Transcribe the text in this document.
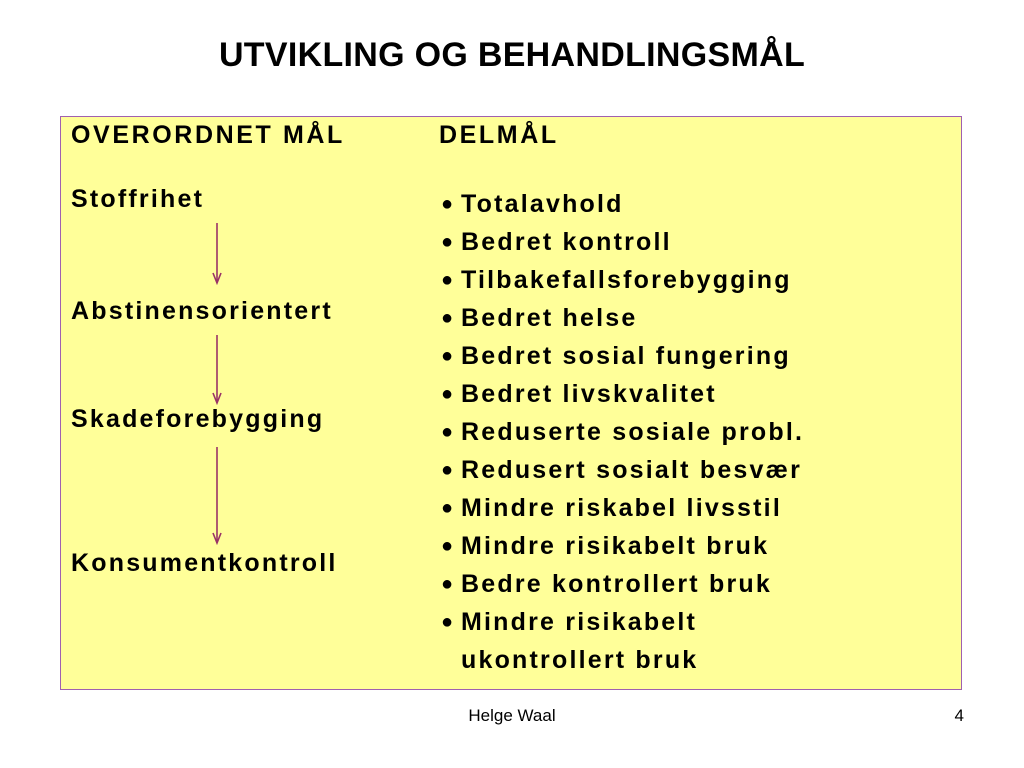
UTVIKLING OG BEHANDLINGSMÅL
OVERORDNET MÅL	DELMÅL
Stoffrihet
Abstinensorientert
Skadeforebygging
Konsumentkontroll
● Totalavhold
● Bedret kontroll
● Tilbakefallsforebygging
● Bedret helse
● Bedret sosial fungering
● Bedret livskvalitet
● Reduserte sosiale probl.
● Redusert sosialt besvær
● Mindre riskabel livsstil
● Mindre risikabelt bruk
● Bedre kontrollert bruk
● Mindre risikabelt
ukontrollert bruk
Helge Waal	4
